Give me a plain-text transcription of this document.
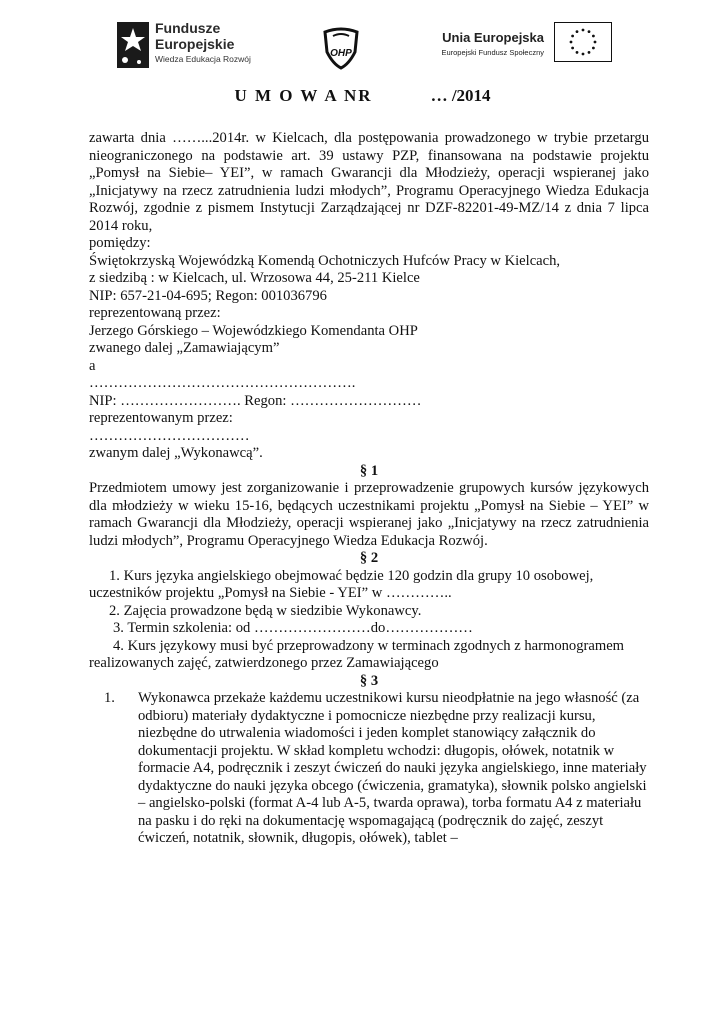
Fundusze
Europejskie
Wiedza Edukacja Rozwój	OHP
Unia Europejska
Europejski Fundusz Społeczny
U M O W A NR	… /2014

zawarta dnia ……...2014r. w Kielcach, dla postępowania prowadzonego w trybie przetargu nieograniczonego na podstawie art. 39 ustawy PZP, finansowana na podstawie projektu „Pomysł na Siebie– YEI”, w ramach Gwarancji dla Młodzieży, operacji wspieranej jako „Inicjatywy na rzecz zatrudnienia ludzi młodych”, Programu Operacyjnego Wiedza Edukacja Rozwój, zgodnie z pismem Instytucji Zarządzającej nr DZF-82201-49-MZ/14 z dnia 7 lipca 2014 roku,

pomiędzy:

Świętokrzyską Wojewódzką Komendą Ochotniczych Hufców Pracy w Kielcach,

z siedzibą : w Kielcach, ul. Wrzosowa 44, 25-211 Kielce

NIP: 657-21-04-695; Regon: 001036796

reprezentowaną przez:

Jerzego Górskiego – Wojewódzkiego Komendanta OHP

zwanego dalej „Zamawiającym”

a

……………………………………………….

NIP: ……………………. Regon: ………………………

reprezentowanym przez:

……………………………

zwanym dalej „Wykonawcą”.

§ 1

Przedmiotem umowy jest zorganizowanie i przeprowadzenie grupowych kursów językowych dla młodzieży w wieku 15-16, będących uczestnikami projektu „Pomysł na Siebie – YEI” w ramach Gwarancji dla Młodzieży, operacji wspieranej jako „Inicjatywy na rzecz zatrudnienia ludzi młodych”, Programu Operacyjnego Wiedza Edukacja Rozwój.

§ 2

1. Kurs języka angielskiego obejmować będzie 120 godzin dla grupy 10 osobowej,

uczestników projektu „Pomysł na Siebie - YEI” w …………..

2. Zajęcia prowadzone będą w siedzibie Wykonawcy.

3. Termin szkolenia: od ……………………do………………

4. Kurs językowy musi być przeprowadzony w terminach zgodnych z harmonogramem

realizowanych zajęć, zatwierdzonego przez Zamawiającego

§ 3

1.	Wykonawca przekaże każdemu uczestnikowi kursu nieodpłatnie na jego własność (za odbioru) materiały dydaktyczne i pomocnicze niezbędne przy realizacji kursu, niezbędne do utrwalenia wiadomości i jeden komplet stanowiący załącznik do dokumentacji projektu. W skład kompletu wchodzi: długopis, ołówek, notatnik w formacie A4, podręcznik i zeszyt ćwiczeń do nauki języka angielskiego, inne materiały dydaktyczne do nauki języka obcego (ćwiczenia, gramatyka), słownik polsko angielski – angielsko-polski (format A-4 lub A-5, twarda oprawa), torba formatu A4 z materiału na pasku i do ręki na dokumentację wspomagającą (podręcznik do zajęć, zeszyt ćwiczeń, notatnik, słownik, długopis, ołówek), tablet –
